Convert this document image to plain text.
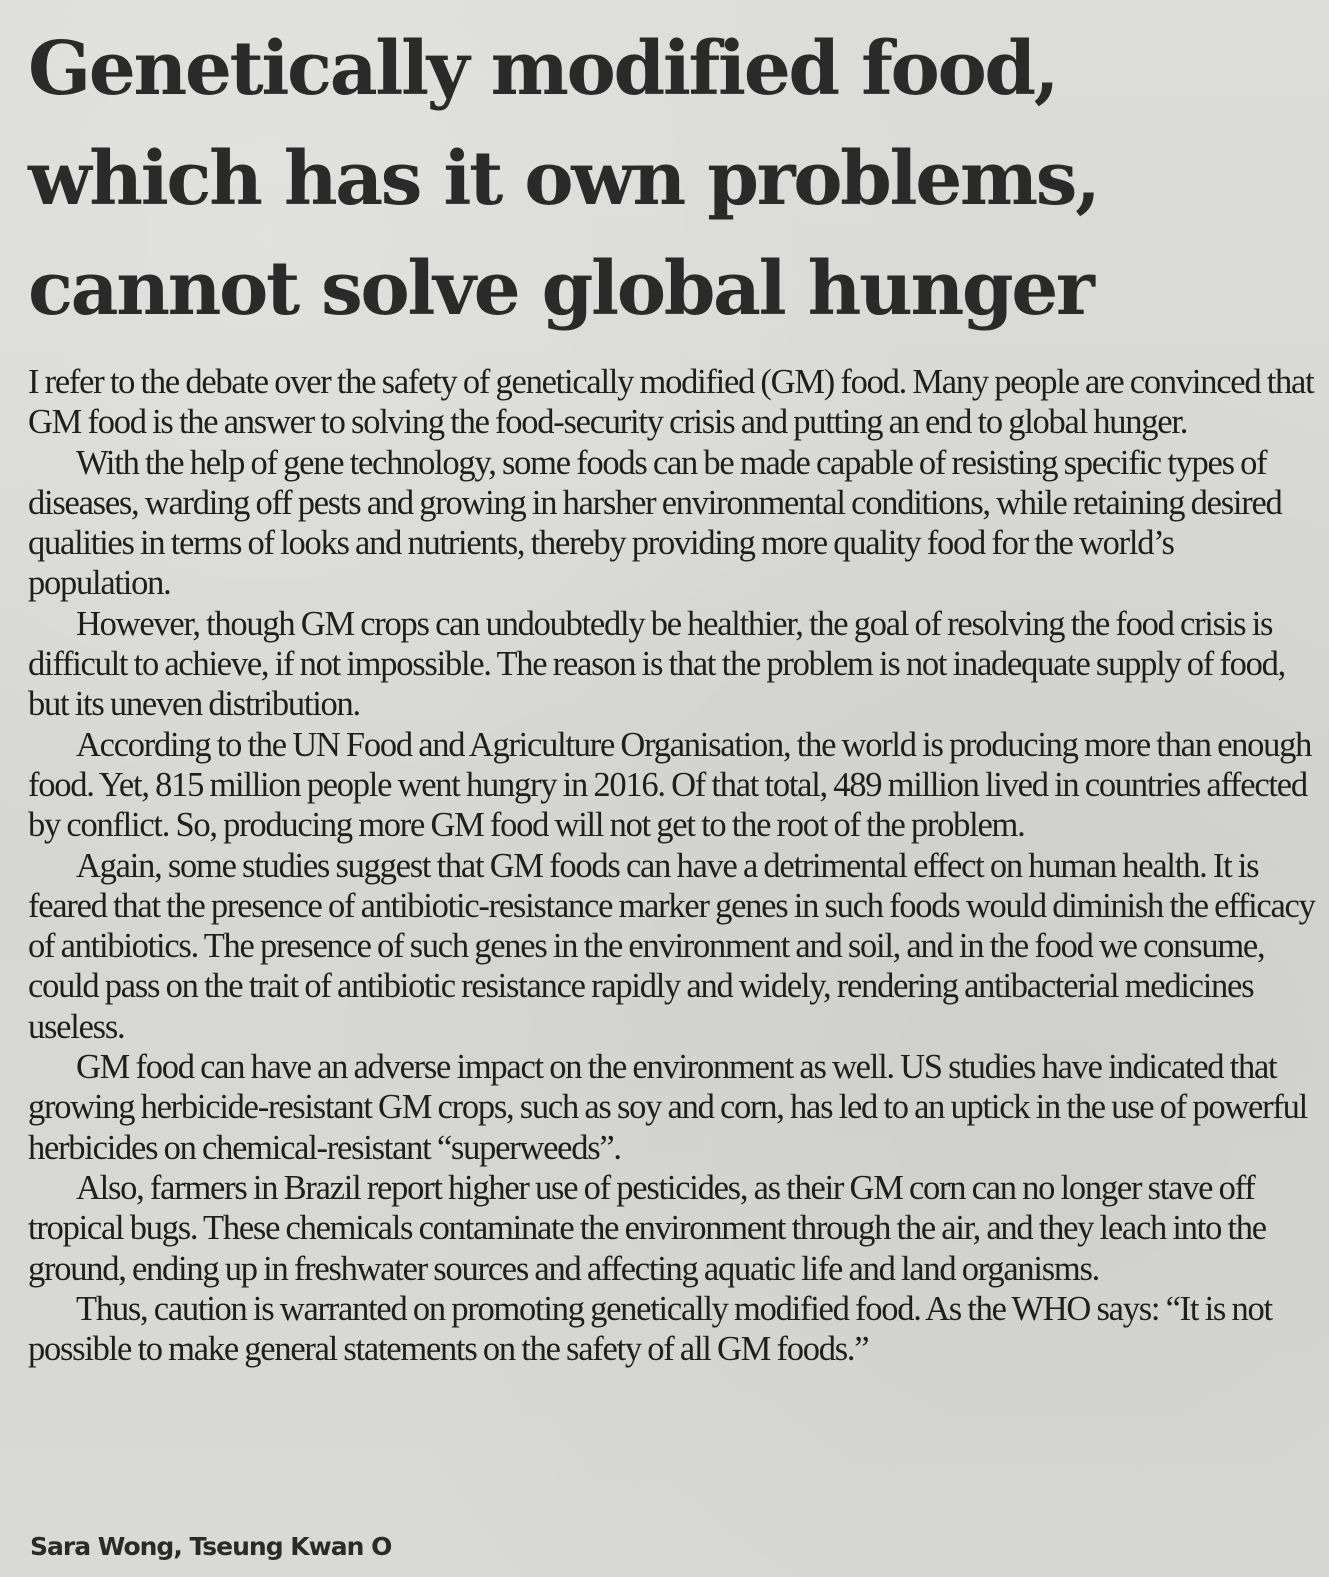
Genetically modified food,
which has it own problems,
cannot solve global hunger

I refer to the debate over the safety of genetically modified (GM) food. Many people are convinced that GM food is the answer to solving the food-security crisis and putting an end to global hunger.

With the help of gene technology, some foods can be made capable of resisting specific types of diseases, warding off pests and growing in harsher environmental conditions, while retaining desired qualities in terms of looks and nutrients, thereby providing more quality food for the world’s population.

However, though GM crops can undoubtedly be healthier, the goal of resolving the food crisis is difficult to achieve, if not impossible. The reason is that the problem is not inadequate supply of food, but its uneven distribution.

According to the UN Food and Agriculture Organisation, the world is producing more than enough food. Yet, 815 million people went hungry in 2016. Of that total, 489 million lived in countries affected by conflict. So, producing more GM food will not get to the root of the problem.

Again, some studies suggest that GM foods can have a detrimental effect on human health. It is feared that the presence of antibiotic-resistance marker genes in such foods would diminish the efficacy of antibiotics. The presence of such genes in the environment and soil, and in the food we consume, could pass on the trait of antibiotic resistance rapidly and widely, rendering antibacterial medicines useless.

GM food can have an adverse impact on the environment as well. US studies have indicated that growing herbicide-resistant GM crops, such as soy and corn, has led to an uptick in the use of powerful herbicides on chemical-resistant “superweeds”.

Also, farmers in Brazil report higher use of pesticides, as their GM corn can no longer stave off tropical bugs. These chemicals contaminate the environment through the air, and they leach into the ground, ending up in freshwater sources and affecting aquatic life and land organisms.

Thus, caution is warranted on promoting genetically modified food. As the WHO says: “It is not possible to make general statements on the safety of all GM foods.”

Sara Wong, Tseung Kwan O
